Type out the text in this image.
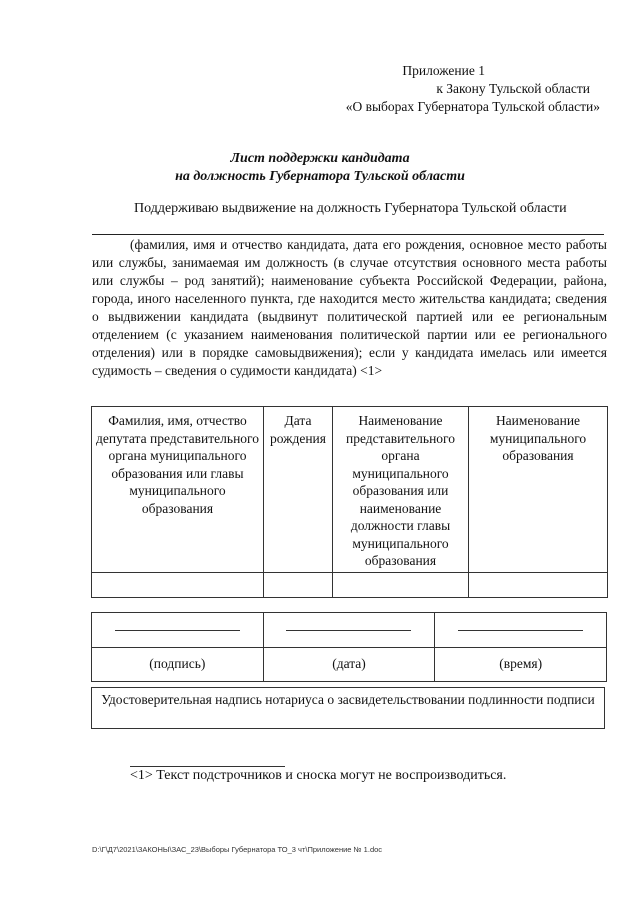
Приложение 1
к Закону Тульской области
«О выборах Губернатора Тульской области»
Лист поддержки кандидата
на должность Губернатора Тульской области
Поддерживаю выдвижение на должность Губернатора Тульской области
(фамилия, имя и отчество кандидата, дата его рождения, основное место работы или службы, занимаемая им должность (в случае отсутствия основного места работы или службы – род занятий); наименование субъекта Российской Федерации, района, города, иного населенного пункта, где находится место жительства кандидата; сведения о выдвижении кандидата (выдвинут политической партией или ее региональным отделением (с указанием наименования политической партии или ее регионального отделения) или в порядке самовыдвижения); если у кандидата имелась или имеется судимость – сведения о судимости кандидата) <1>
Фамилия, имя, отчество депутата представительного органа муниципального образования или главы муниципального образования	Дата рождения	Наименование представительного органа муниципального образования или наименование должности главы муниципального образования	Наименование муниципального образования

(подпись)	(дата)	(время)
Удостоверительная надпись нотариуса о засвидетельствовании подлинности подписи
<1> Текст подстрочников и сноска могут не воспроизводиться.
D:\Г\Д7\2021\ЗАКОНЫ\ЗАС_23\Выборы Губернатора ТО_3 чт\Приложение № 1.doc
